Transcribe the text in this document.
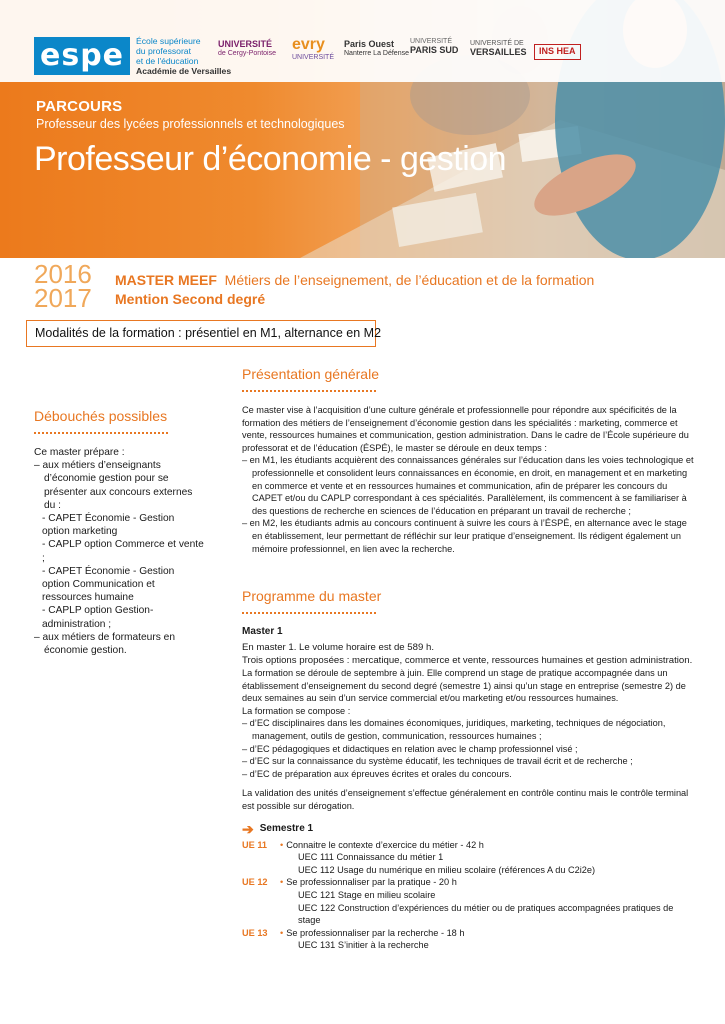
espe	École supérieure
du professorat
et de l'éducation
Académie de Versailles
UNIVERSITÉ
de Cergy-Pontoise
evry
UNIVERSITÉ
Paris Ouest
Nanterre La Défense
UNIVERSITÉ
PARIS SUD
UNIVERSITÉ DE
VERSAILLES INS HEA
PARCOURS
Professeur des lycées professionnels et technologiques
Professeur d’économie - gestion
2016
2017
MASTER MEEF Métiers de l’enseignement, de l’éducation et de la formation
Mention Second degré
Modalités de la formation : présentiel en M1, alternance en M2
Débouchés possibles
Ce master prépare :
– aux métiers d’enseignants d’économie gestion pour se présenter aux concours externes du :
- CAPET Économie - Gestion option marketing
- CAPLP option Commerce et vente ;
- CAPET Économie - Gestion option Communication et ressources humaine
- CAPLP option Gestion-administration ;
– aux métiers de formateurs en économie gestion.
Présentation générale
Ce master vise à l’acquisition d’une culture générale et professionnelle pour répondre aux spécificités de la formation des métiers de l’enseignement d’économie gestion dans les spécialités : marketing, commerce et vente, ressources humaines et communication, gestion administration. Dans le cadre de l’École supérieure du professorat et de l’éducation (ÉSPÉ), le master se déroule en deux temps :
– en M1, les étudiants acquièrent des connaissances générales sur l’éducation dans les voies technologique et professionnelle et consolident leurs connaissances en économie, en droit, en management et en marketing en commerce et vente et en ressources humaines et communication, afin de préparer les concours du CAPET et/ou du CAPLP correspondant à ces spécialités. Parallèlement, ils commencent à se familiariser à des questions de recherche en sciences de l’éducation en préparant un travail de recherche ;
– en M2, les étudiants admis au concours continuent à suivre les cours à l’ÉSPÉ, en alternance avec le stage en établissement, leur permettant de réfléchir sur leur pratique d’enseignement. Ils rédigent également un mémoire professionnel, en lien avec la recherche.
Programme du master
Master 1
En master 1. Le volume horaire est de 589 h.
Trois options proposées : mercatique, commerce et vente, ressources humaines et gestion administration.
La formation se déroule de septembre à juin. Elle comprend un stage de pratique accompagnée dans un établissement d’enseignement du second degré (semestre 1) ainsi qu’un stage en entreprise (semestre 2) de deux semaines au sein d’un service commercial et/ou marketing et/ou ressources humaines.
La formation se compose :
– d’EC disciplinaires dans les domaines économiques, juridiques, marketing, techniques de négociation, management, outils de gestion, communication, ressources humaines ;
– d’EC pédagogiques et didactiques en relation avec le champ professionnel visé ;
– d’EC sur la connaissance du système éducatif, les techniques de travail écrit et de recherche ;
– d’EC de préparation aux épreuves écrites et orales du concours.
La validation des unités d’enseignement s’effectue généralement en contrôle continu mais le contrôle terminal est possible sur dérogation.
➔ Semestre 1
UE 11	• Connaitre le contexte d’exercice du métier - 42 h
UEC 111 Connaissance du métier 1
UEC 112 Usage du numérique en milieu scolaire (références A du C2i2e)
UE 12	• Se professionnaliser par la pratique - 20 h
UEC 121 Stage en milieu scolaire
UEC 122 Construction d’expériences du métier ou de pratiques accompagnées pratiques de stage
UE 13	• Se professionnaliser par la recherche - 18 h
UEC 131 S’initier à la recherche
